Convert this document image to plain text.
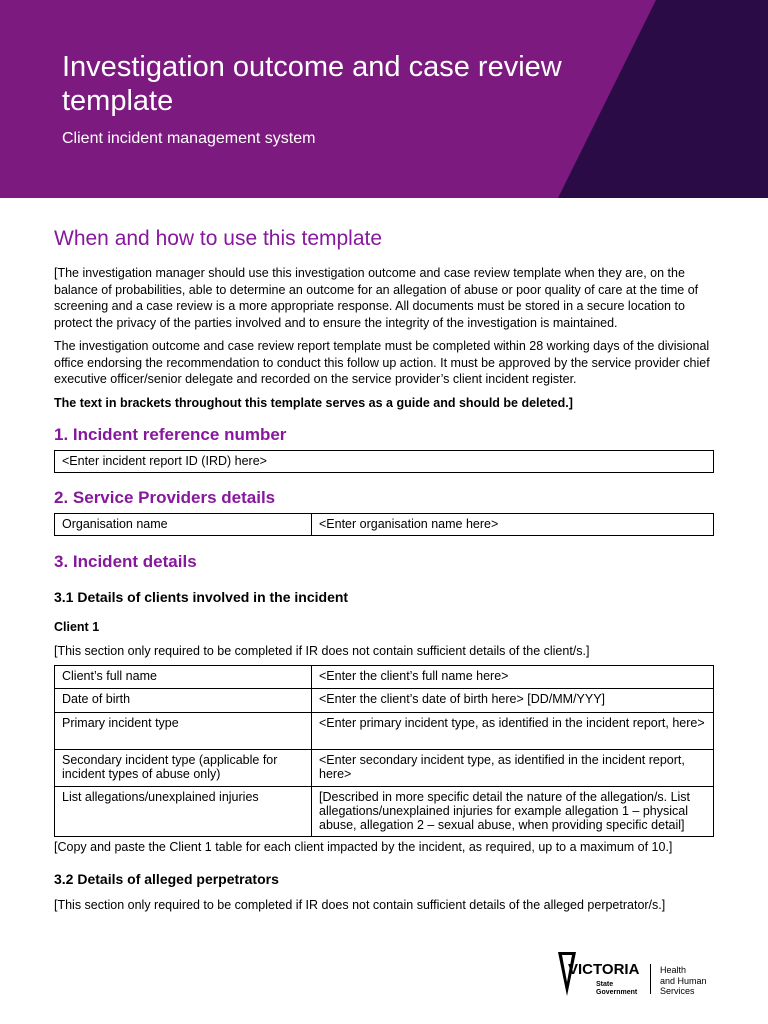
Investigation outcome and case review template
Client incident management system
When and how to use this template

[The investigation manager should use this investigation outcome and case review template when they are, on the balance of probabilities, able to determine an outcome for an allegation of abuse or poor quality of care at the time of screening and a case review is a more appropriate response. All documents must be stored in a secure location to protect the privacy of the parties involved and to ensure the integrity of the investigation is maintained.

The investigation outcome and case review report template must be completed within 28 working days of the divisional office endorsing the recommendation to conduct this follow up action. It must be approved by the service provider chief executive officer/senior delegate and recorded on the service provider’s client incident register.

The text in brackets throughout this template serves as a guide and should be deleted.]

1. Incident reference number
<Enter incident report ID (IRD) here>
2. Service Providers details
Organisation name	<Enter organisation name here>
3. Incident details
3.1 Details of clients involved in the incident
Client 1

[This section only required to be completed if IR does not contain sufficient details of the client/s.]

Client’s full name	<Enter the client’s full name here>
Date of birth	<Enter the client’s date of birth here> [DD/MM/YYY]
Primary incident type	<Enter primary incident type, as identified in the incident report, here>
Secondary incident type (applicable for incident types of abuse only)	<Enter secondary incident type, as identified in the incident report, here>
List allegations/unexplained injuries	[Described in more specific detail the nature of the allegation/s. List allegations/unexplained injuries for example allegation 1 – physical abuse, allegation 2 – sexual abuse, when providing specific detail]

[Copy and paste the Client 1 table for each client impacted by the incident, as required, up to a maximum of 10.]

3.2 Details of alleged perpetrators

[This section only required to be completed if IR does not contain sufficient details of the alleged perpetrator/s.]

VICTORIA
State
Government
Health
and Human
Services
